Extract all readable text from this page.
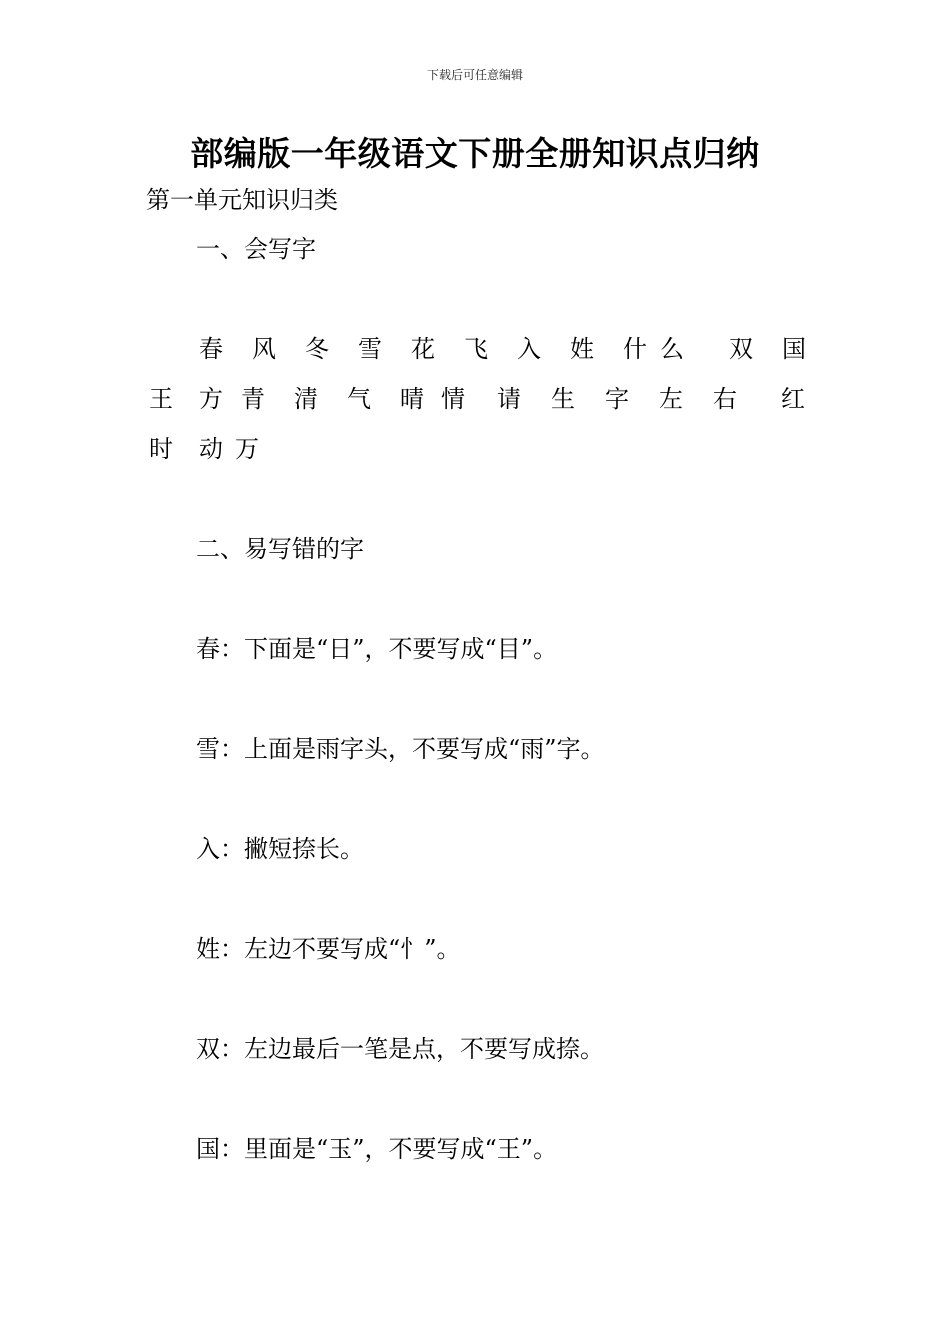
下载后可任意编辑
部编版一年级语文下册全册知识点归纳
第一单元知识归类
一、会写字
春 风 冬 雪 花 飞 入 姓 什 么 双 国
王 方 青 清 气 晴 情 请 生 字 左 右 红
时 动 万
二、易写错的字
春：下面是“日”，不要写成“目”。
雪：上面是雨字头，不要写成“雨”字。
入：撇短捺长。
姓：左边不要写成“忄”。
双：左边最后一笔是点，不要写成捺。
国：里面是“玉”，不要写成“王”。
